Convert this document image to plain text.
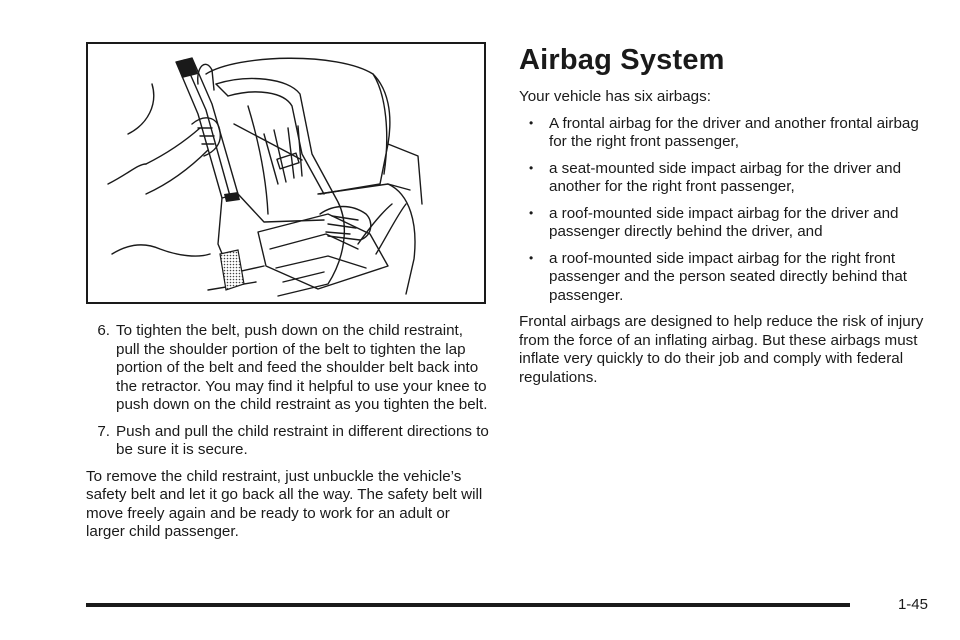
6. To tighten the belt, push down on the child restraint, pull the shoulder portion of the belt to tighten the lap portion of the belt and feed the shoulder belt back into the retractor. You may find it helpful to use your knee to push down on the child restraint as you tighten the belt.
7. Push and pull the child restraint in different directions to be sure it is secure.

To remove the child restraint, just unbuckle the vehicle’s safety belt and let it go back all the way. The safety belt will move freely again and be ready to work for an adult or larger child passenger.

Airbag System

Your vehicle has six airbags:

•	A frontal airbag for the driver and another frontal airbag for the right front passenger,
•	a seat-mounted side impact airbag for the driver and another for the right front passenger,
•	a roof-mounted side impact airbag for the driver and passenger directly behind the driver, and
•	a roof-mounted side impact airbag for the right front passenger and the person seated directly behind that passenger.

Frontal airbags are designed to help reduce the risk of injury from the force of an inflating airbag. But these airbags must inflate very quickly to do their job and comply with federal regulations.

1-45
